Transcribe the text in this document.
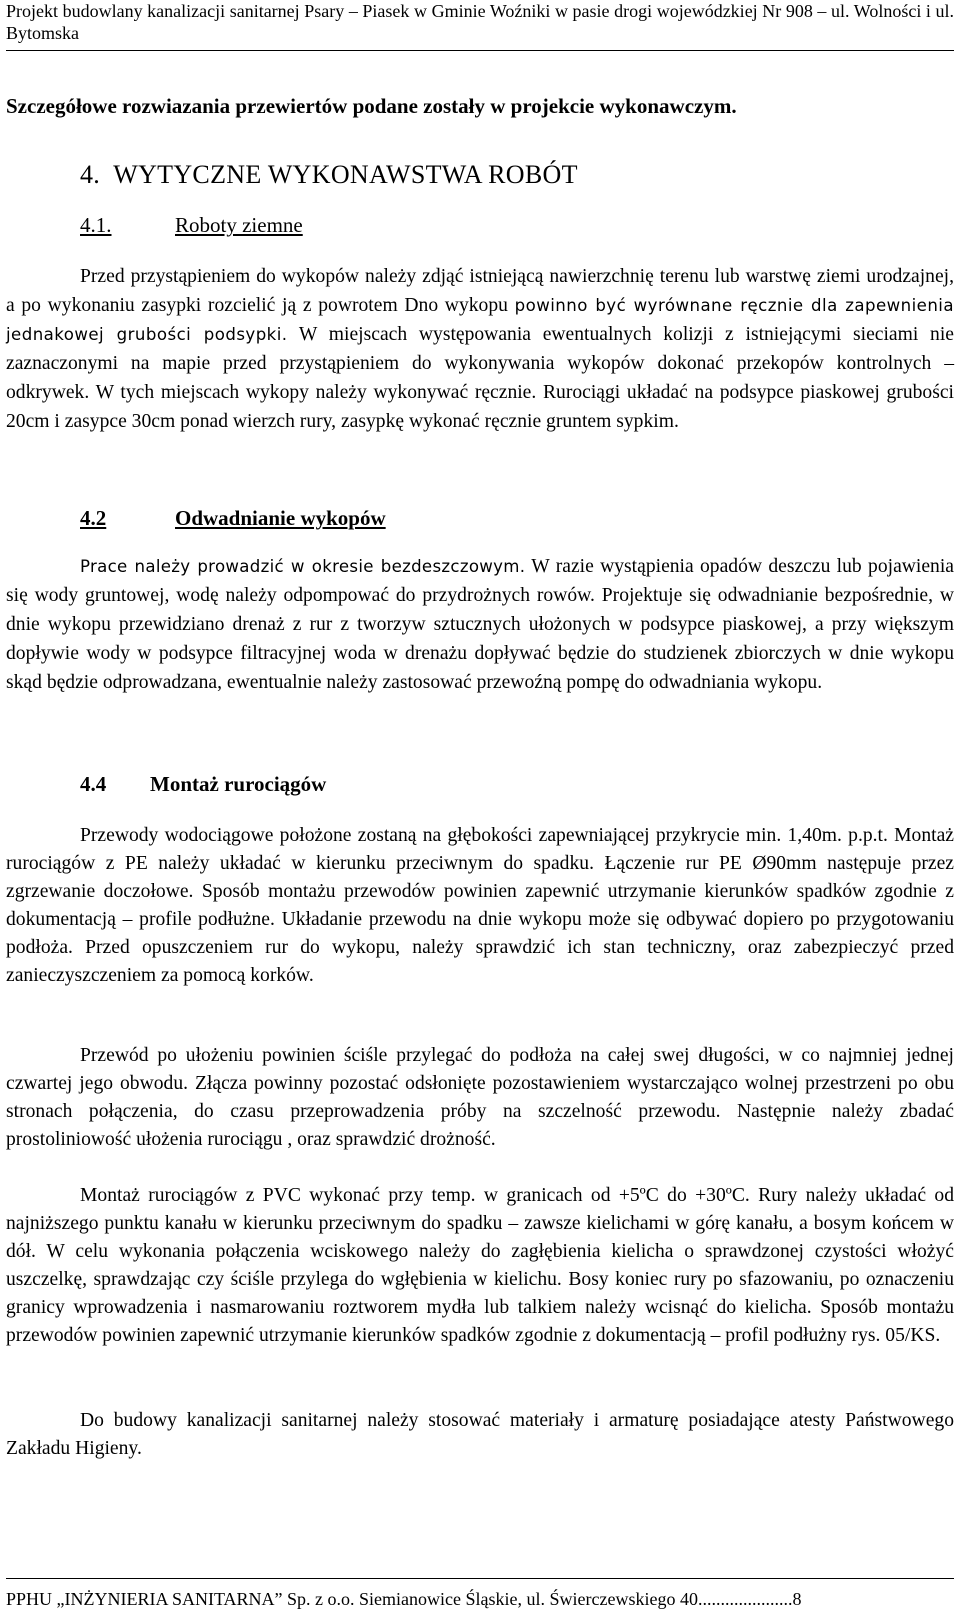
Projekt budowlany kanalizacji sanitarnej Psary – Piasek w Gminie Woźniki w pasie drogi wojewódzkiej Nr 908 – ul. Wolności i ul. Bytomska
Szczegółowe rozwiazania przewiertów podane zostały w projekcie wykonawczym.
4. WYTYCZNE WYKONAWSTWA ROBÓT
4.1.	Roboty ziemne
Przed przystąpieniem do wykopów należy zdjąć istniejącą nawierzchnię terenu lub warstwę ziemi urodzajnej, a po wykonaniu zasypki rozcielić ją z powrotem Dno wykopu powinno być wyrównane ręcznie dla zapewnienia jednakowej grubości podsypki. W miejscach występowania ewentualnych kolizji z istniejącymi sieciami nie zaznaczonymi na mapie przed przystąpieniem do wykonywania wykopów dokonać przekopów kontrolnych – odkrywek. W tych miejscach wykopy należy wykonywać ręcznie. Rurociągi układać na podsypce piaskowej grubości 20cm i zasypce 30cm ponad wierzch rury, zasypkę wykonać ręcznie gruntem sypkim.
4.2	Odwadnianie wykopów
Prace należy prowadzić w okresie bezdeszczowym. W razie wystąpienia opadów deszczu lub pojawienia się wody gruntowej, wodę należy odpompować do przydrożnych rowów. Projektuje się odwadnianie bezpośrednie, w dnie wykopu przewidziano drenaż z rur z tworzyw sztucznych ułożonych w podsypce piaskowej, a przy większym dopływie wody w podsypce filtracyjnej woda w drenażu dopływać będzie do studzienek zbiorczych w dnie wykopu skąd będzie odprowadzana, ewentualnie należy zastosować przewoźną pompę do odwadniania wykopu.
4.4 Montaż rurociągów
Przewody wodociągowe położone zostaną na głębokości zapewniającej przykrycie min. 1,40m. p.p.t. Montaż rurociągów z PE należy układać w kierunku przeciwnym do spadku. Łączenie rur PE Ø90mm następuje przez zgrzewanie doczołowe. Sposób montażu przewodów powinien zapewnić utrzymanie kierunków spadków zgodnie z dokumentacją – profile podłużne. Układanie przewodu na dnie wykopu może się odbywać dopiero po przygotowaniu podłoża. Przed opuszczeniem rur do wykopu, należy sprawdzić ich stan techniczny, oraz zabezpieczyć przed zanieczyszczeniem za pomocą korków.
Przewód po ułożeniu powinien ściśle przylegać do podłoża na całej swej długości, w co najmniej jednej czwartej jego obwodu. Złącza powinny pozostać odsłonięte pozostawieniem wystarczająco wolnej przestrzeni po obu stronach połączenia, do czasu przeprowadzenia próby na szczelność przewodu. Następnie należy zbadać prostoliniowość ułożenia rurociągu , oraz sprawdzić drożność.
Montaż rurociągów z PVC wykonać przy temp. w granicach od +5ºC do +30ºC. Rury należy układać od najniższego punktu kanału w kierunku przeciwnym do spadku – zawsze kielichami w górę kanału, a bosym końcem w dół. W celu wykonania połączenia wciskowego należy do zagłębienia kielicha o sprawdzonej czystości włożyć uszczelkę, sprawdzając czy ściśle przylega do wgłębienia w kielichu. Bosy koniec rury po sfazowaniu, po oznaczeniu granicy wprowadzenia i nasmarowaniu roztworem mydła lub talkiem należy wcisnąć do kielicha. Sposób montażu przewodów powinien zapewnić utrzymanie kierunków spadków zgodnie z dokumentacją – profil podłużny rys. 05/KS.
Do budowy kanalizacji sanitarnej należy stosować materiały i armaturę posiadające atesty Państwowego Zakładu Higieny.
PPHU „INŻYNIERIA SANITARNA” Sp. z o.o. Siemianowice Śląskie, ul. Świerczewskiego 40.....................8
